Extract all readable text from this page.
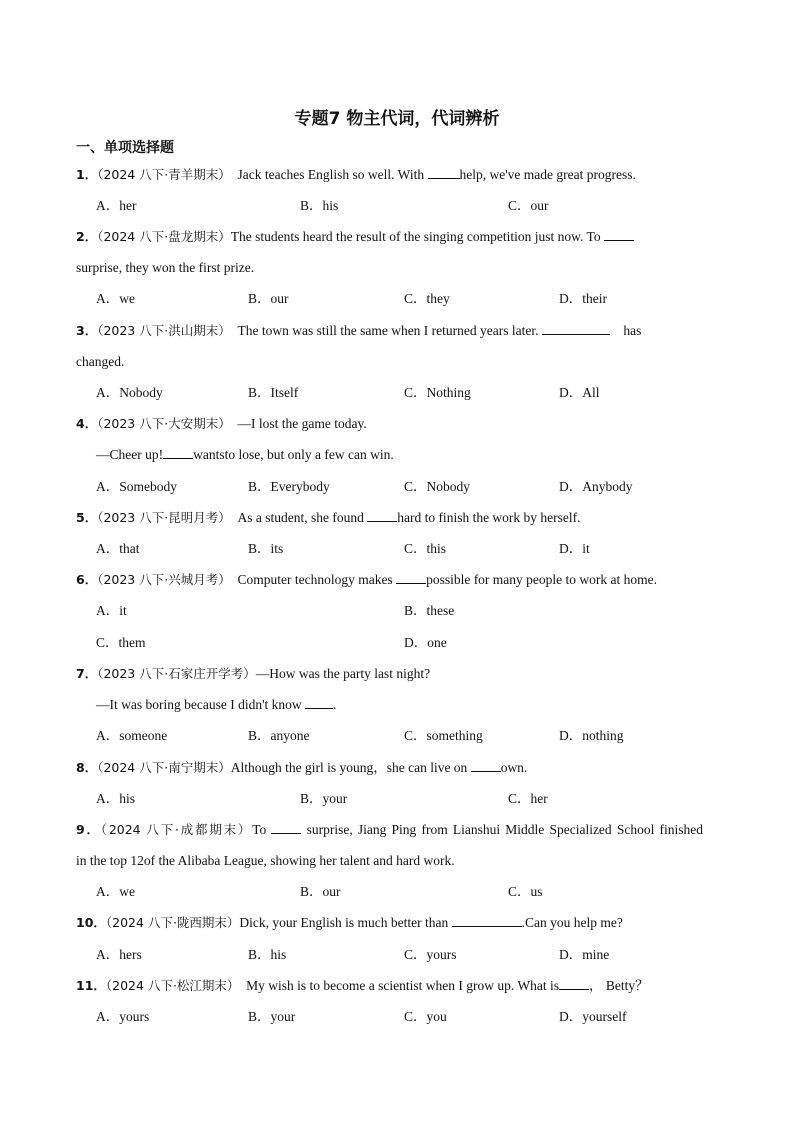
专题7 物主代词，代词辨析
一、单项选择题
1．（2024 八下·青羊期末） Jack teaches English so well. With help, we've made great progress.
A．her	B．his	C．our
2．（2024 八下·盘龙期末）The students heard the result of the singing competition just now. To
surprise, they won the first prize.
A．we	B．our	C．they	D．their
3．（2023 八下·洪山期末） The town was still the same when I returned years later.	has
changed.
A．Nobody	B．Itself	C．Nothing	D．All
4．（2023 八下·大安期末） —I lost the game today.
—Cheer up! wantsto lose, but only a few can win.
A．Somebody	B．Everybody	C．Nobody	D．Anybody
5．（2023 八下·昆明月考） As a student, she found hard to finish the work by herself.
A．that	B．its	C．this	D．it
6．（2023 八下·兴城月考） Computer technology makes possible for many people to work at home.
A．it	B．these
C．them	D．one
7．（2023 八下·石家庄开学考）—How was the party last night?
—It was boring because I didn't know .
A．someone	B．anyone	C．something	D．nothing
8．（2024 八下·南宁期末）Although the girl is young，she can live on own.
A．his	B．your	C．her
9．（2024 八下·成都期末）To	surprise, Jiang Ping from Lianshui Middle Specialized School finished
in the top 12of the Alibaba League, showing her talent and hard work.
A．we	B．our	C．us
10．（2024 八下·陇西期末）Dick, your English is much better than	.Can you help me?
A．hers	B．his	C．yours	D．mine
11．（2024 八下·松江期末） My wish is to become a scientist when I grow up. What is ， Betty？
A．yours	B．your	C．you	D．yourself
